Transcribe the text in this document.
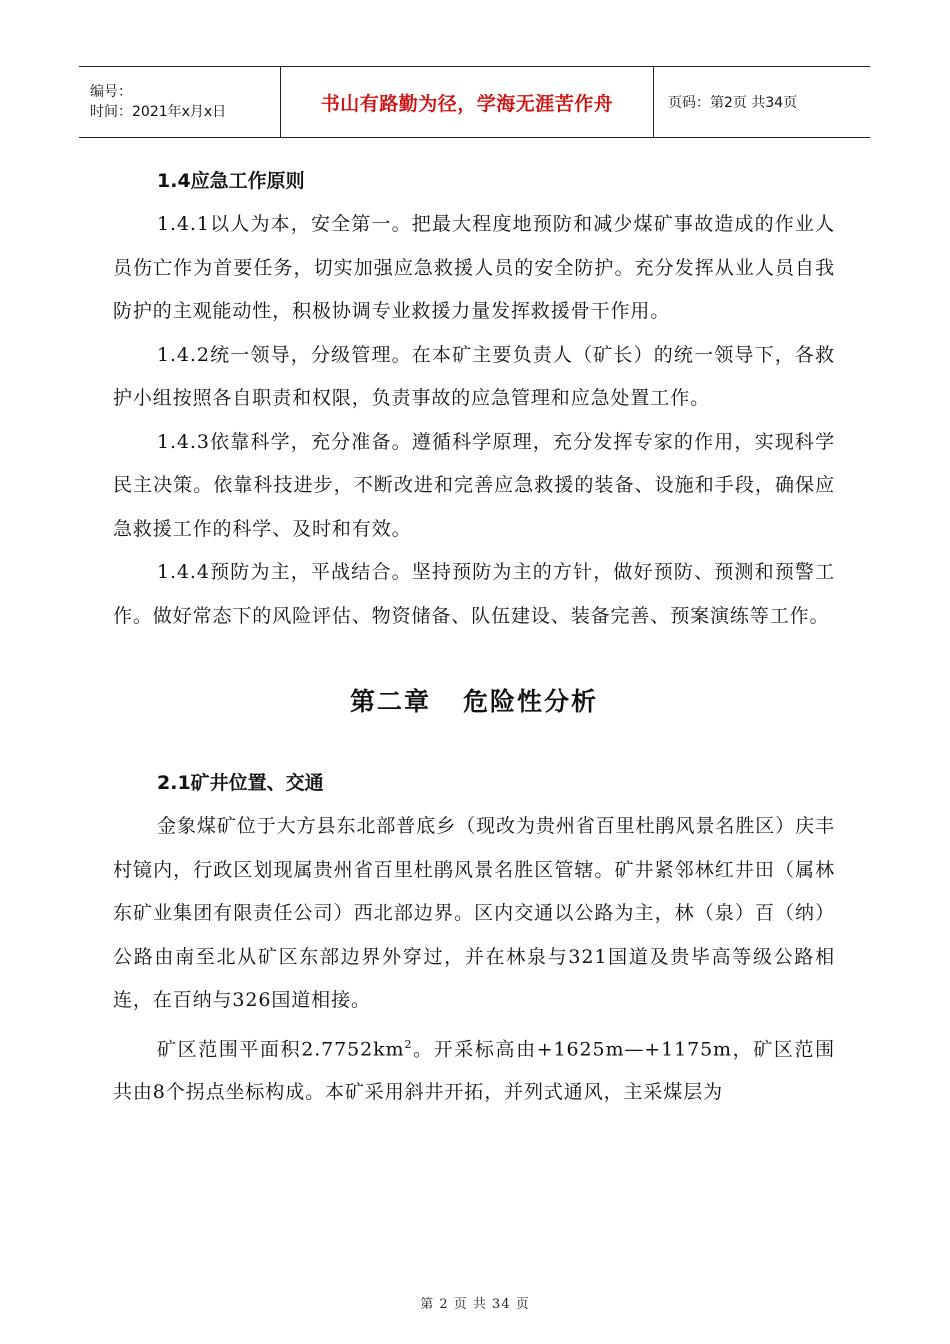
编号：
时间：2021年x月x日	书山有路勤为径，学海无涯苦作舟	页码：第2页 共34页

1.4应急工作原则

1.4.1以人为本，安全第一。把最大程度地预防和减少煤矿事故造成的作业人员伤亡作为首要任务，切实加强应急救援人员的安全防护。充分发挥从业人员自我防护的主观能动性，积极协调专业救援力量发挥救援骨干作用。

1.4.2统一领导，分级管理。在本矿主要负责人（矿长）的统一领导下，各救护小组按照各自职责和权限，负责事故的应急管理和应急处置工作。

1.4.3依靠科学，充分准备。遵循科学原理，充分发挥专家的作用，实现科学民主决策。依靠科技进步，不断改进和完善应急救援的装备、设施和手段，确保应急救援工作的科学、及时和有效。

1.4.4预防为主，平战结合。坚持预防为主的方针，做好预防、预测和预警工作。做好常态下的风险评估、物资储备、队伍建设、装备完善、预案演练等工作。

第二章   危险性分析

2.1矿井位置、交通

金象煤矿位于大方县东北部普底乡（现改为贵州省百里杜鹃风景名胜区）庆丰村镜内，行政区划现属贵州省百里杜鹃风景名胜区管辖。矿井紧邻林红井田（属林东矿业集团有限责任公司）西北部边界。区内交通以公路为主，林（泉）百（纳）公路由南至北从矿区东部边界外穿过，并在林泉与321国道及贵毕高等级公路相连，在百纳与326国道相接。

矿区范围平面积$2.7752km^2$。开采标高由+1625m—+1175m，矿区范围共由8个拐点坐标构成。本矿采用斜井开拓，并列式通风，主采煤层为

第 2 页 共 34 页
